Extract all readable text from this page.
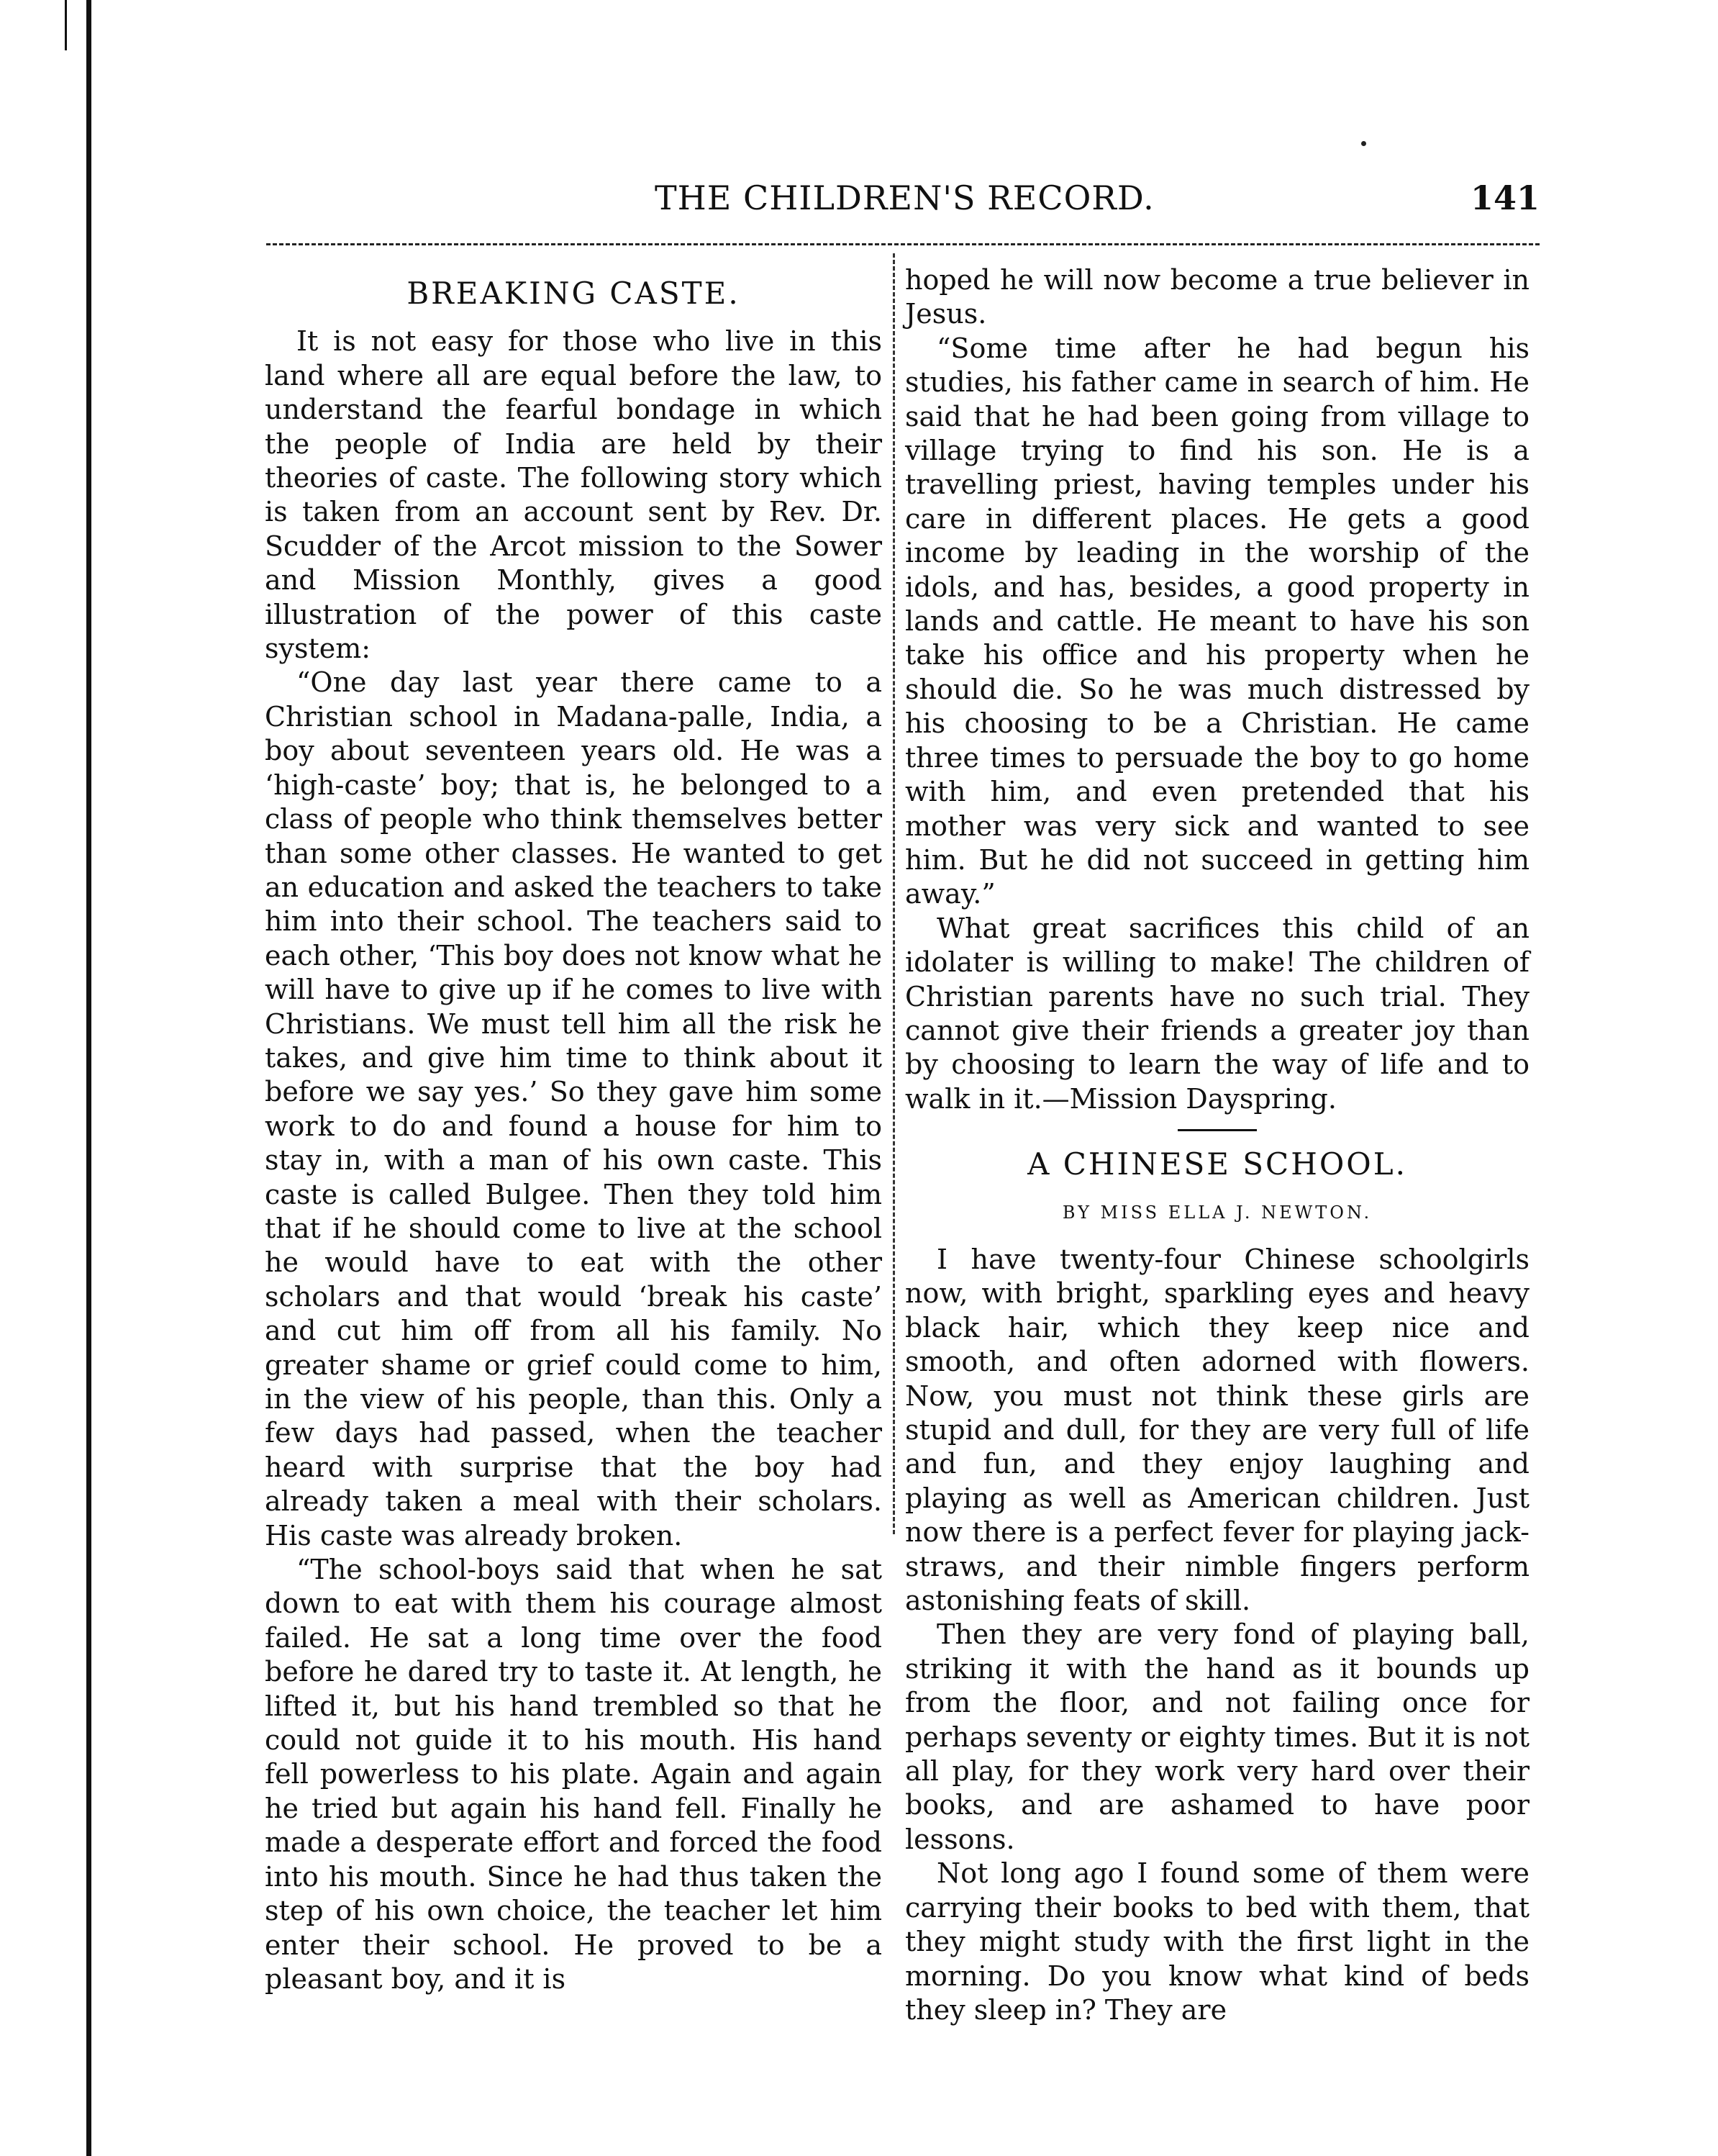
THE CHILDREN'S RECORD.	141
BREAKING CASTE.

It is not easy for those who live in this land where all are equal before the law, to understand the fearful bondage in which the people of India are held by their theories of caste. The following story which is taken from an account sent by Rev. Dr. Scudder of the Arcot mission to the Sower and Mission Monthly, gives a good illustration of the power of this caste system:

“One day last year there came to a Christian school in Madana-palle, India, a boy about seventeen years old. He was a ‘high-caste’ boy; that is, he belonged to a class of people who think themselves better than some other classes. He wanted to get an education and asked the teachers to take him into their school. The teachers said to each other, ‘This boy does not know what he will have to give up if he comes to live with Christians. We must tell him all the risk he takes, and give him time to think about it before we say yes.’ So they gave him some work to do and found a house for him to stay in, with a man of his own caste. This caste is called Bulgee. Then they told him that if he should come to live at the school he would have to eat with the other scholars and that would ‘break his caste’ and cut him off from all his family. No greater shame or grief could come to him, in the view of his people, than this. Only a few days had passed, when the teacher heard with surprise that the boy had already taken a meal with their scholars. His caste was already broken.

“The school-boys said that when he sat down to eat with them his courage almost failed. He sat a long time over the food before he dared try to taste it. At length, he lifted it, but his hand trembled so that he could not guide it to his mouth. His hand fell powerless to his plate. Again and again he tried but again his hand fell. Finally he made a desperate effort and forced the food into his mouth. Since he had thus taken the step of his own choice, the teacher let him enter their school. He proved to be a pleasant boy, and it is

hoped he will now become a true believer in Jesus.

“Some time after he had begun his studies, his father came in search of him. He said that he had been going from village to village trying to find his son. He is a travelling priest, having temples under his care in different places. He gets a good income by leading in the worship of the idols, and has, besides, a good property in lands and cattle. He meant to have his son take his office and his property when he should die. So he was much distressed by his choosing to be a Christian. He came three times to persuade the boy to go home with him, and even pretended that his mother was very sick and wanted to see him. But he did not succeed in getting him away.”

What great sacrifices this child of an idolater is willing to make! The children of Christian parents have no such trial. They cannot give their friends a greater joy than by choosing to learn the way of life and to walk in it.—Mission Dayspring.

A CHINESE SCHOOL.
BY MISS ELLA J. NEWTON.

I have twenty-four Chinese schoolgirls now, with bright, sparkling eyes and heavy black hair, which they keep nice and smooth, and often adorned with flowers. Now, you must not think these girls are stupid and dull, for they are very full of life and fun, and they enjoy laughing and playing as well as American children. Just now there is a perfect fever for playing jack-straws, and their nimble fingers perform astonishing feats of skill.

Then they are very fond of playing ball, striking it with the hand as it bounds up from the floor, and not failing once for perhaps seventy or eighty times. But it is not all play, for they work very hard over their books, and are ashamed to have poor lessons.

Not long ago I found some of them were carrying their books to bed with them, that they might study with the first light in the morning. Do you know what kind of beds they sleep in? They are
